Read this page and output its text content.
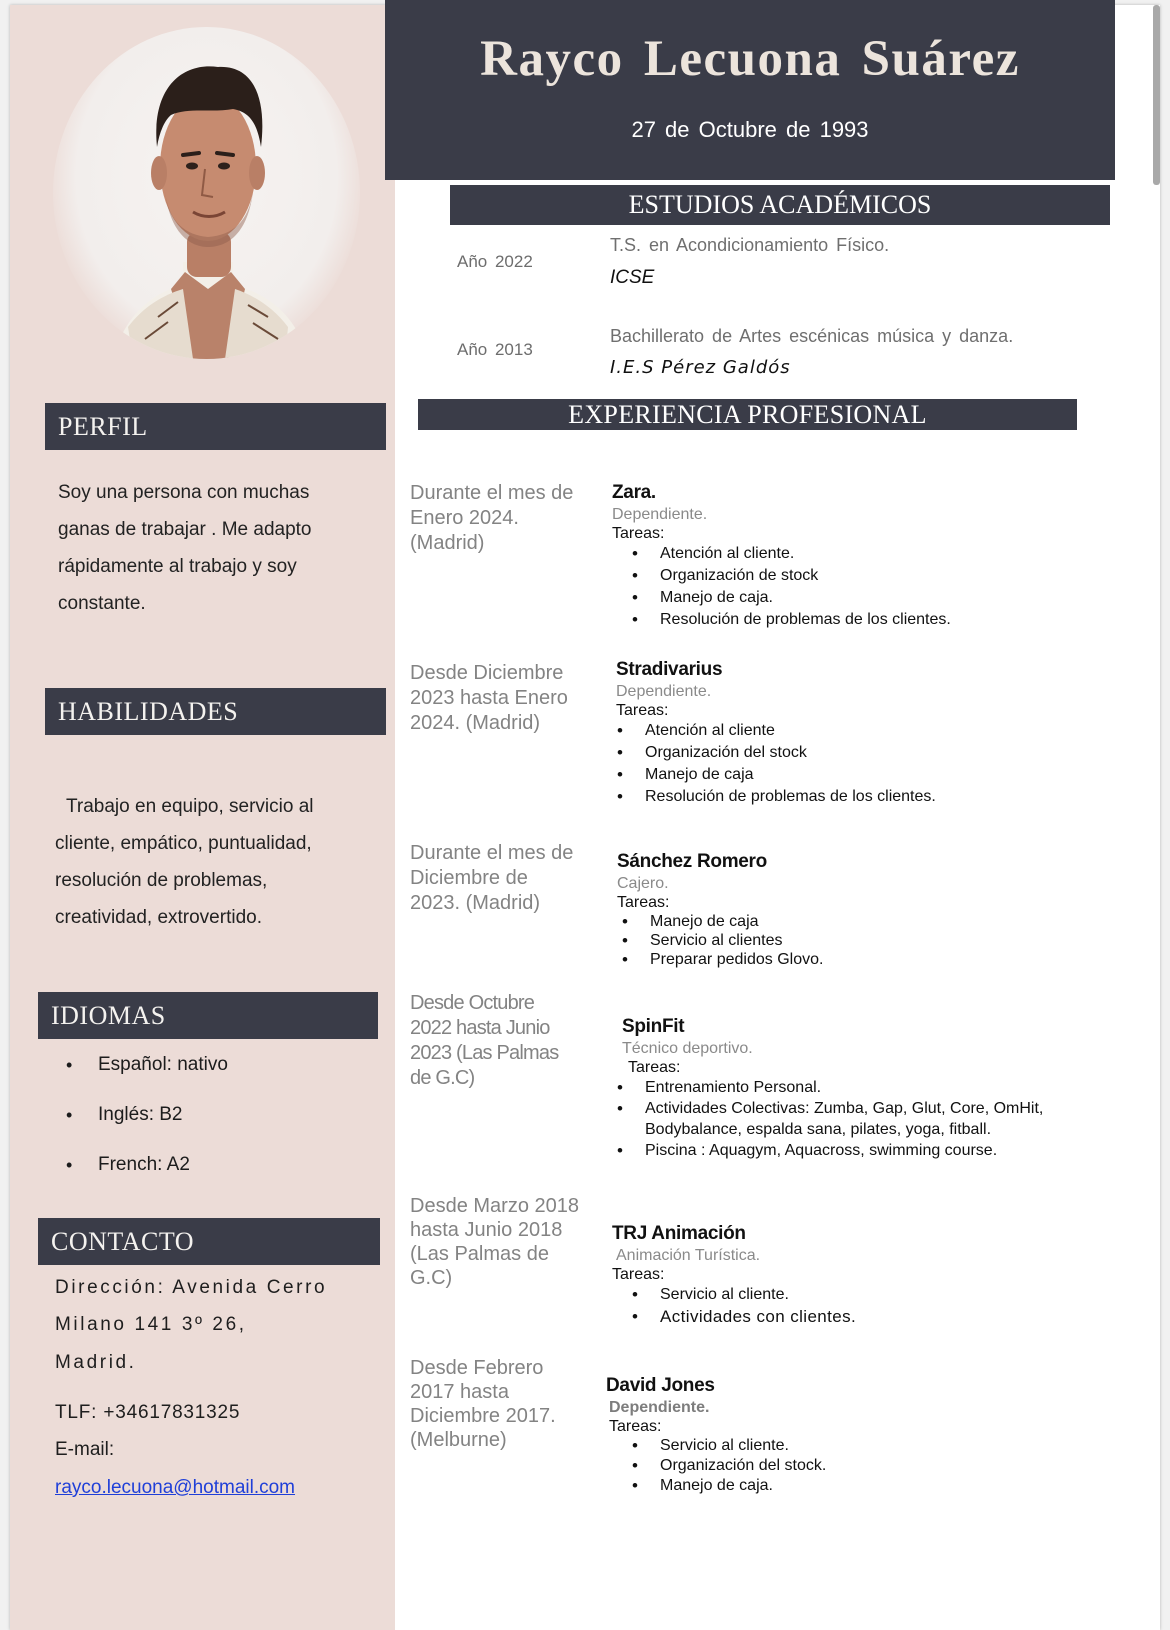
PERFIL
Soy una persona con muchas
ganas de trabajar . Me adapto
rápidamente al trabajo y soy
constante.
HABILIDADES
Trabajo en equipo, servicio al
cliente, empático, puntualidad,
resolución de problemas,
creatividad, extrovertido.
IDIOMAS
• Español: nativo
• Inglés: B2
• French: A2
CONTACTO
Dirección: Avenida Cerro
Milano 141 3º 26,
Madrid.
TLF: +34617831325
E-mail:
rayco.lecuona@hotmail.com
Rayco Lecuona Suárez
27 de Octubre de 1993
ESTUDIOS ACADÉMICOS
Año 2022
T.S. en Acondicionamiento Físico.
ICSE
Año 2013
Bachillerato de Artes escénicas música y danza.
I.E.S Pérez Galdós
EXPERIENCIA PROFESIONAL
Durante el mes de Enero 2024. (Madrid)
Zara.
Dependiente.
Tareas:
• Atención al cliente.
• Organización de stock
• Manejo de caja.
• Resolución de problemas de los clientes.
Desde Diciembre 2023 hasta Enero 2024. (Madrid)
Stradivarius
Dependiente.
Tareas:
• Atención al cliente
• Organización del stock
• Manejo de caja
• Resolución de problemas de los clientes.
Durante el mes de Diciembre de 2023. (Madrid)
Sánchez Romero
Cajero.
Tareas:
• Manejo de caja
• Servicio al clientes
• Preparar pedidos Glovo.
Desde Octubre 2022 hasta Junio 2023 (Las Palmas de G.C)
SpinFit
Técnico deportivo.
Tareas:
• Entrenamiento Personal.
• Actividades Colectivas: Zumba, Gap, Glut, Core, OmHit, Bodybalance, espalda sana, pilates, yoga, fitball.
• Piscina : Aquagym, Aquacross, swimming course.
Desde Marzo 2018 hasta Junio 2018 (Las Palmas de G.C)
TRJ Animación
Animación Turística.
Tareas:
• Servicio al cliente.
• Actividades con clientes.
Desde Febrero 2017 hasta Diciembre 2017. (Melburne)
David Jones
Dependiente.
Tareas:
• Servicio al cliente.
• Organización del stock.
• Manejo de caja.
